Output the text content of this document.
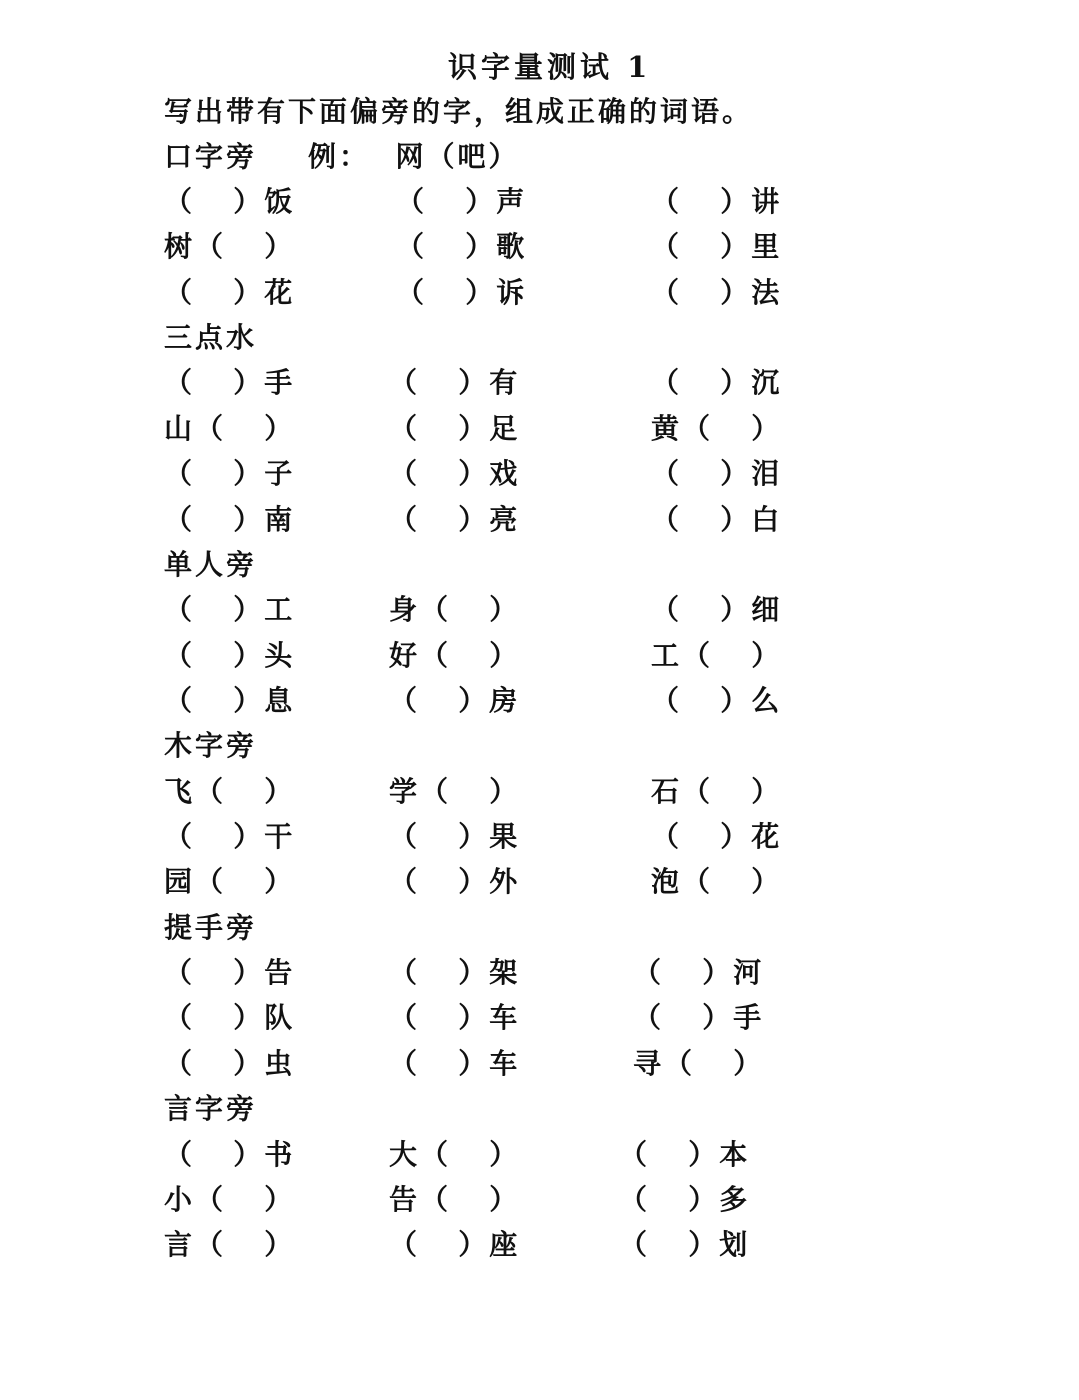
识字量测试 1
写出带有下面偏旁的字，组成正确的词语。
口字旁 例：  网（吧）
（   ）饭	（   ）声	（   ）讲
树（   ）	（   ）歌	（   ）里
（   ）花	（   ）诉	（   ）法
三点水
（   ）手	（   ）有	（   ）沉
山（   ）	（   ）足	黄（   ）
（   ）子	（   ）戏	（   ）泪
（   ）南	（   ）亮	（   ）白
单人旁
（   ）工	身（   ）	（   ）细
（   ）头	好（   ）	工（   ）
（   ）息	（   ）房	（   ）么
木字旁
飞（   ）	学（   ）	石（   ）
（   ）干	（   ）果	（   ）花
园（   ）	（   ）外	泡（   ）
提手旁
（   ）告	（   ）架	（   ）河
（   ）队	（   ）车	（   ）手
（   ）虫	（   ）车	寻（   ）
言字旁
（   ）书	大（   ）	（   ）本
小（   ）	告（   ）	（   ）多
言（   ）	（   ）座	（   ）划
